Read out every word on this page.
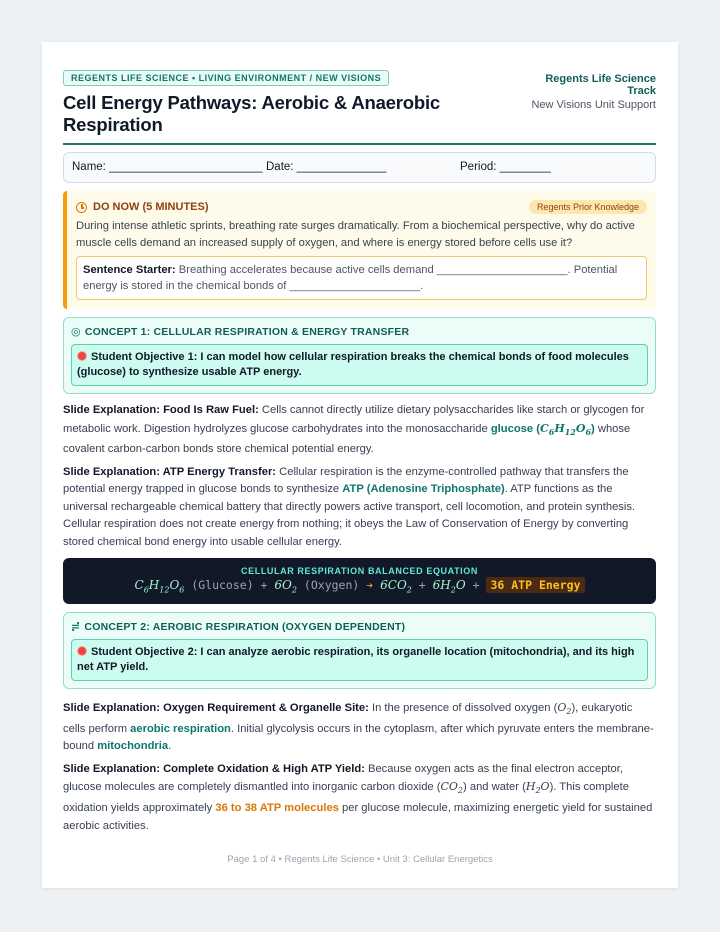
REGENTS LIFE SCIENCE • LIVING ENVIRONMENT / NEW VISIONS
Cell Energy Pathways: Aerobic & Anaerobic Respiration
Regents Life Science Track
New Visions Unit Support
Name: ________________________ Date: ______________	Period: ________
DO NOW (5 MINUTES)	Regents Prior Knowledge
During intense athletic sprints, breathing rate surges dramatically. From a biochemical perspective, why do active muscle cells demand an increased supply of oxygen, and where is energy stored before cells use it?
Sentence Starter: Breathing accelerates because active cells demand _____________________. Potential energy is stored in the chemical bonds of _____________________.
◎ CONCEPT 1: CELLULAR RESPIRATION & ENERGY TRANSFER
Student Objective 1: I can model how cellular respiration breaks the chemical bonds of food molecules (glucose) to synthesize usable ATP energy.
Slide Explanation: Food Is Raw Fuel: Cells cannot directly utilize dietary polysaccharides like starch or glycogen for metabolic work. Digestion hydrolyzes glucose carbohydrates into the monosaccharide glucose $(C_6H_{12}O_6)$ whose covalent carbon-carbon bonds store chemical potential energy.
Slide Explanation: ATP Energy Transfer: Cellular respiration is the enzyme-controlled pathway that transfers the potential energy trapped in glucose bonds to synthesize ATP (Adenosine Triphosphate). ATP functions as the universal rechargeable chemical battery that directly powers active transport, cell locomotion, and protein synthesis. Cellular respiration does not create energy from nothing; it obeys the Law of Conservation of Energy by converting stored chemical bond energy into usable cellular energy.
CELLULAR RESPIRATION BALANCED EQUATION
$C_6H_{12}O_6$ $(Glucose) + 6O_2$ (Oxygen) ➔ $6CO_2 + 6H_2O + 36$ ATP Energy
≓ CONCEPT 2: AEROBIC RESPIRATION (OXYGEN DEPENDENT)
Student Objective 2: I can analyze aerobic respiration, its organelle location (mitochondria), and its high net ATP yield.
Slide Explanation: Oxygen Requirement & Organelle Site: In the presence of dissolved oxygen $(O_2)$, eukaryotic cells perform aerobic respiration. Initial glycolysis occurs in the cytoplasm, after which pyruvate enters the membrane-bound mitochondria.
Slide Explanation: Complete Oxidation & High ATP Yield: Because oxygen acts as the final electron acceptor, glucose molecules are completely dismantled into inorganic carbon dioxide $(CO_2)$ and water $(H_2O)$. This complete oxidation yields approximately 36 to 38 ATP molecules per glucose molecule, maximizing energetic yield for sustained aerobic activities.
Page 1 of 4 • Regents Life Science • Unit 3: Cellular Energetics
